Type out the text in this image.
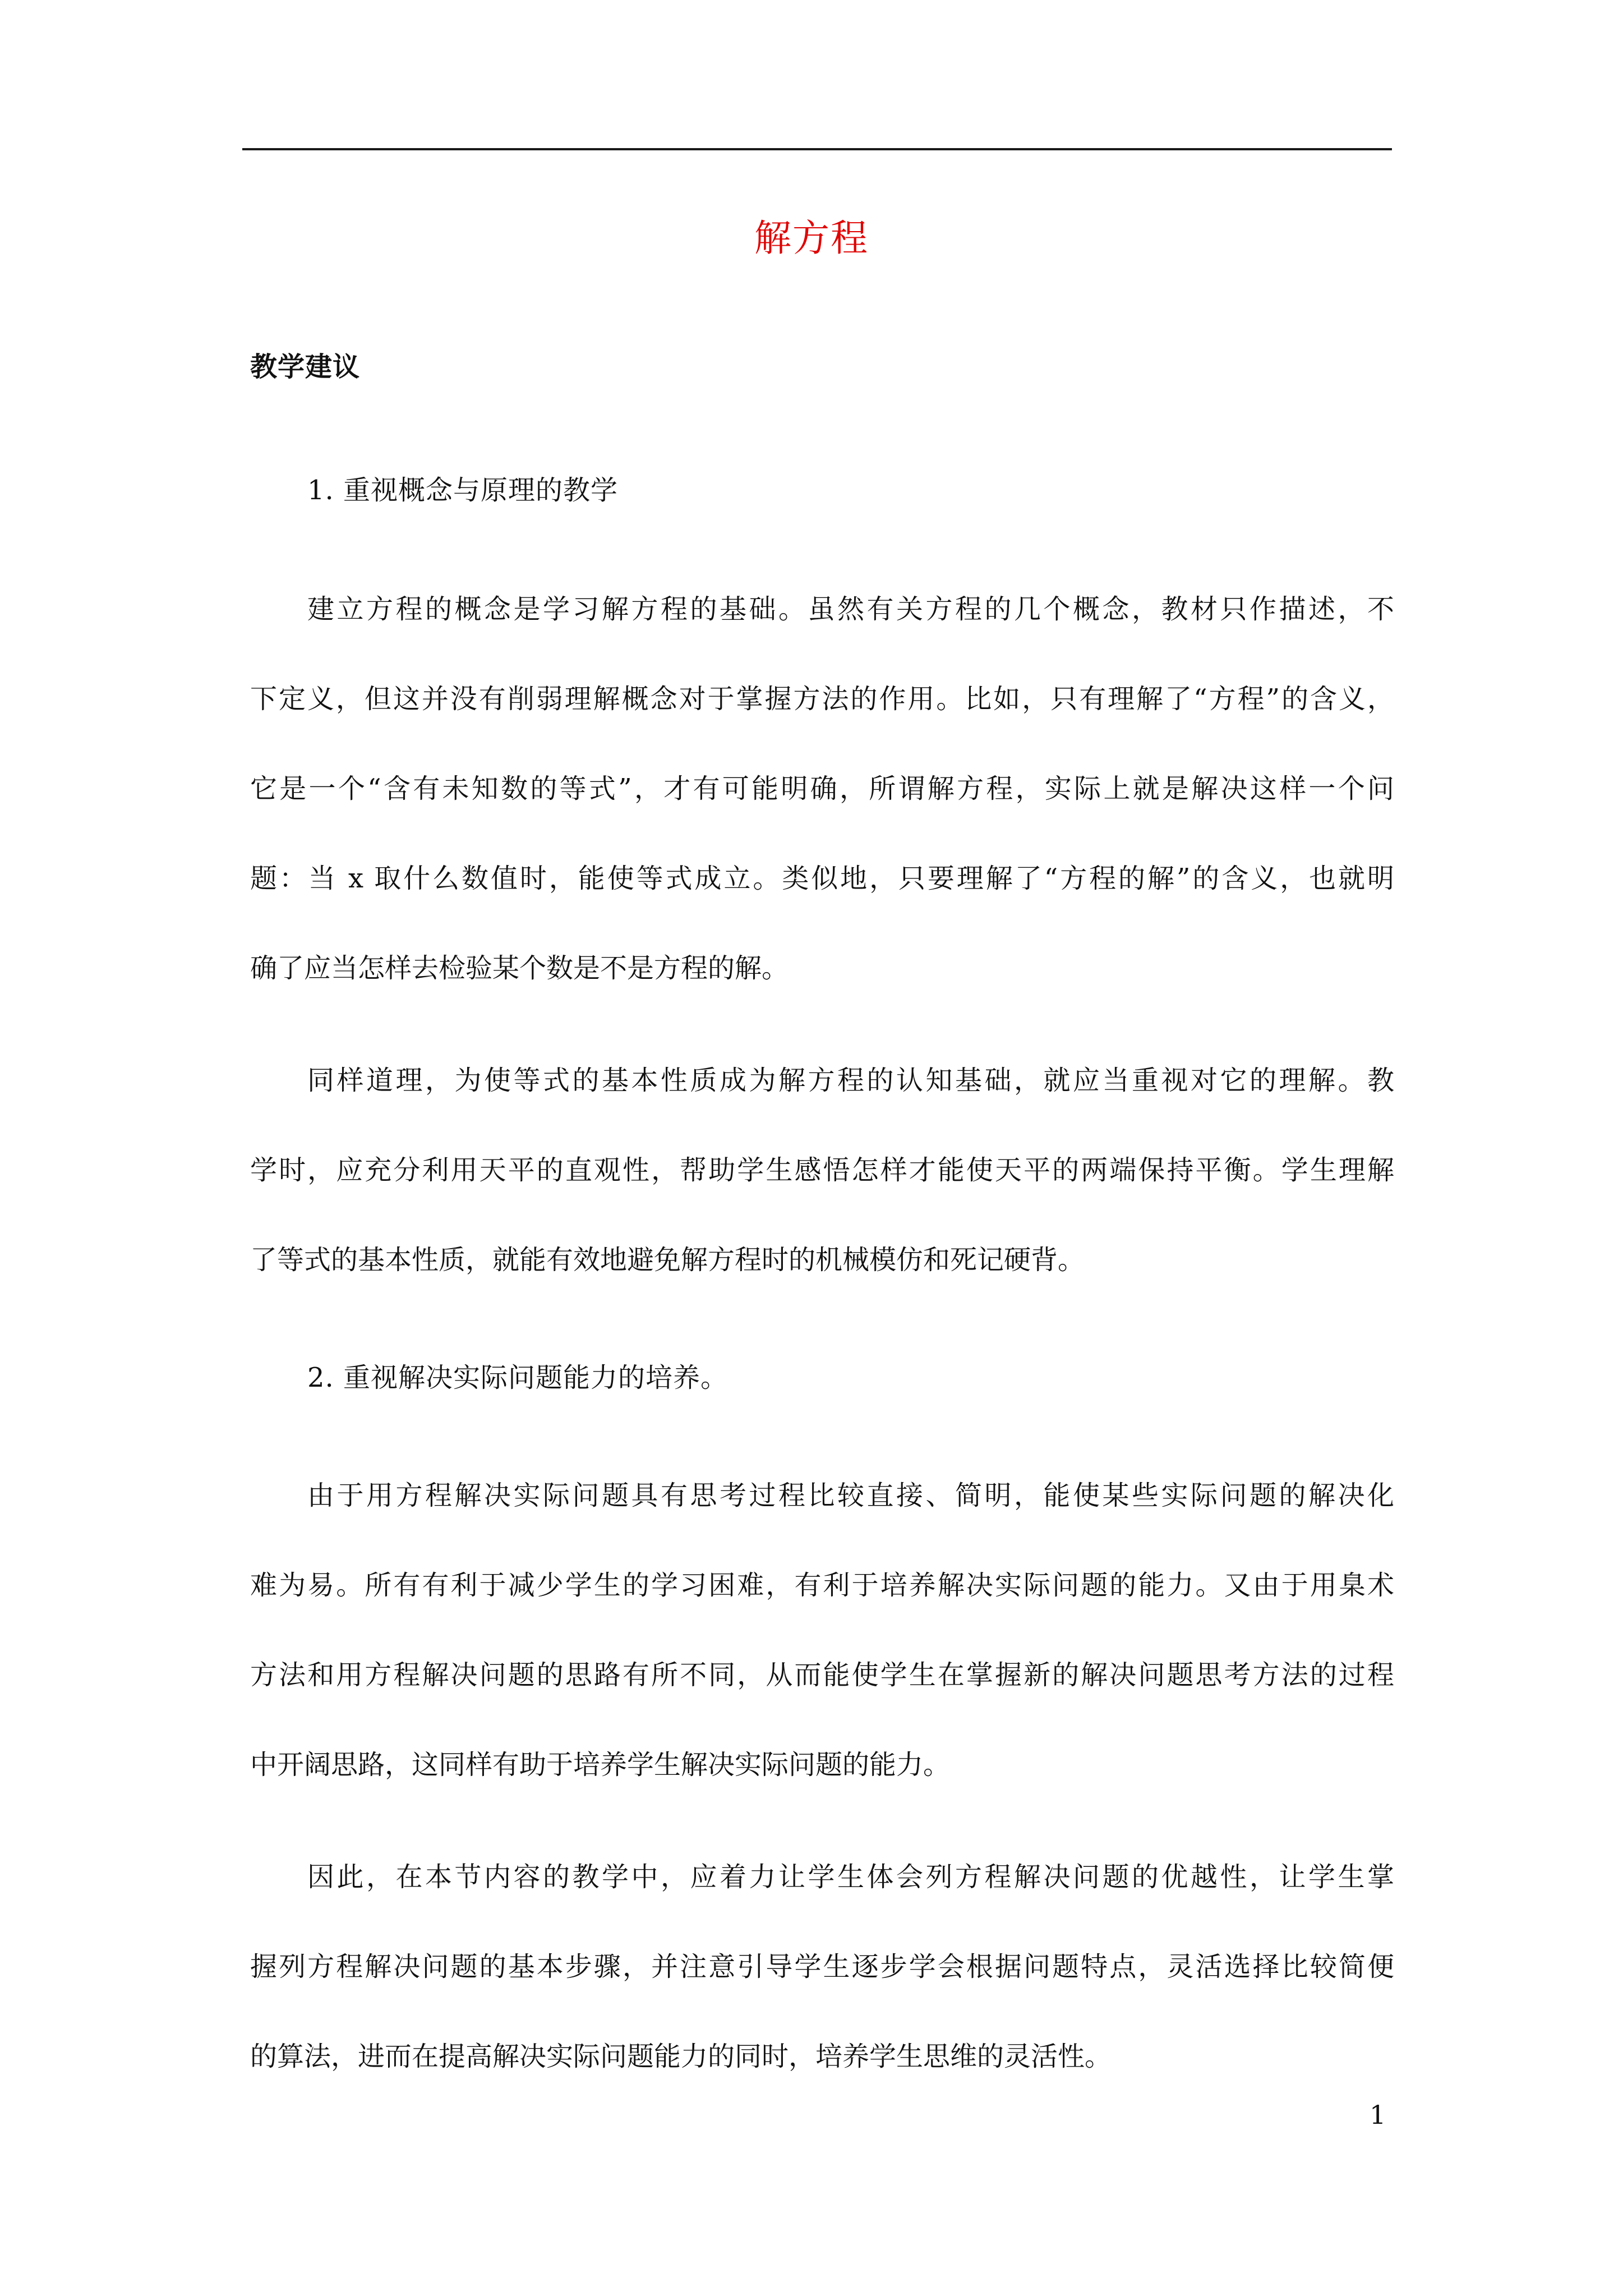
解方程
教学建议
1. 重视概念与原理的教学
建立方程的概念是学习解方程的基础。虽然有关方程的几个概念，教材只作描述，不
下定义，但这并没有削弱理解概念对于掌握方法的作用。比如，只有理解了“方程”的含义，
它是一个“含有未知数的等式”，才有可能明确，所谓解方程，实际上就是解决这样一个问
题：当 x 取什么数值时，能使等式成立。类似地，只要理解了“方程的解”的含义，也就明
确了应当怎样去检验某个数是不是方程的解。
同样道理，为使等式的基本性质成为解方程的认知基础，就应当重视对它的理解。教
学时，应充分利用天平的直观性，帮助学生感悟怎样才能使天平的两端保持平衡。学生理解
了等式的基本性质，就能有效地避免解方程时的机械模仿和死记硬背。
2. 重视解决实际问题能力的培养。
由于用方程解决实际问题具有思考过程比较直接、简明，能使某些实际问题的解决化
难为易。所有有利于减少学生的学习困难，有利于培养解决实际问题的能力。又由于用臬术
方法和用方程解决问题的思路有所不同，从而能使学生在掌握新的解决问题思考方法的过程
中开阔思路，这同样有助于培养学生解决实际问题的能力。
因此，在本节内容的教学中，应着力让学生体会列方程解决问题的优越性，让学生掌
握列方程解决问题的基本步骤，并注意引导学生逐步学会根据问题特点，灵活选择比较简便
的算法，进而在提高解决实际问题能力的同时，培养学生思维的灵活性。
1
